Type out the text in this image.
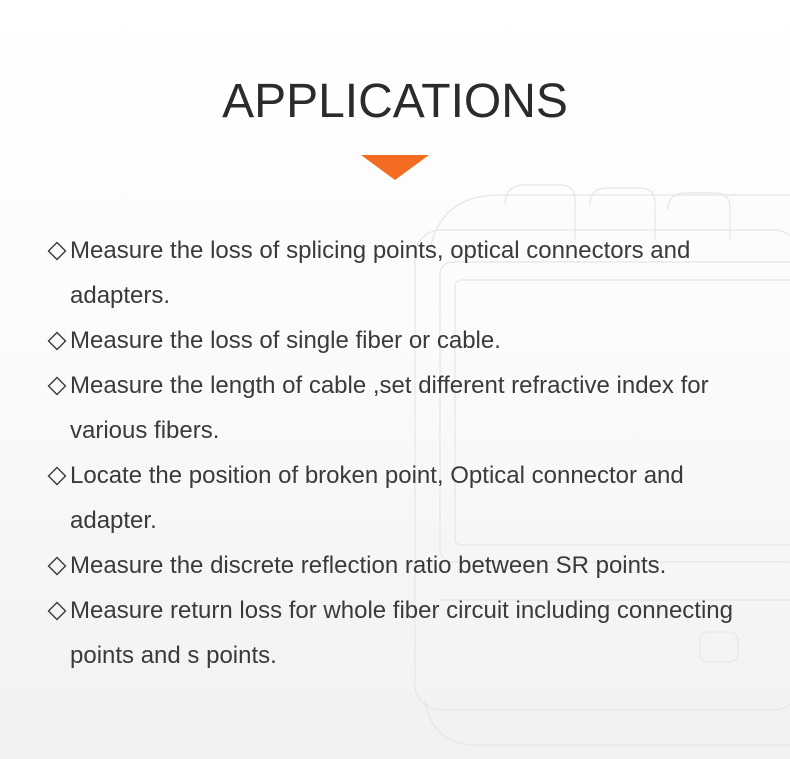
APPLICATIONS
Measure the loss of splicing points, optical connectors and adapters.
Measure the loss of single fiber or cable.
Measure the length of cable ,set different refractive index for various fibers.
Locate the position of broken point, Optical connector and adapter.
Measure the discrete reflection ratio between SR points.
Measure return loss for whole fiber circuit including connecting points and s points.
